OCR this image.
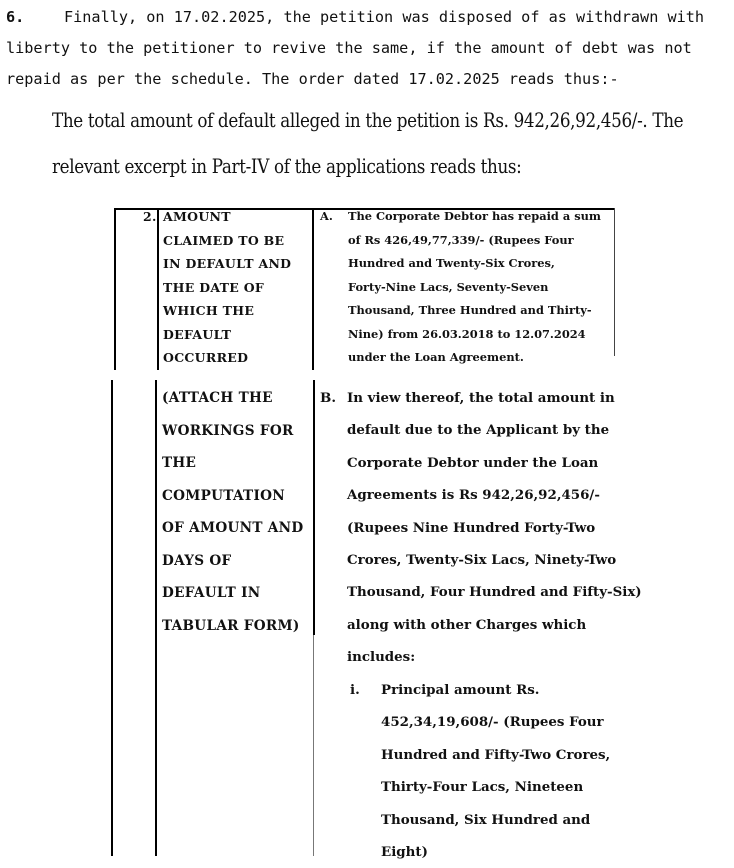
6.	Finally, on 17.02.2025, the petition was disposed of as withdrawn with
liberty to the petitioner to revive the same, if the amount of debt was not
repaid as per the schedule. The order dated 17.02.2025 reads thus:-
The total amount of default alleged in the petition is Rs. 942,26,92,456/-. The
relevant excerpt in Part-IV of the applications reads thus:
2. AMOUNT
CLAIMED TO BE
IN DEFAULT AND
THE DATE OF
WHICH THE
DEFAULT
OCCURRED
A. The Corporate Debtor has repaid a sum
of Rs 426,49,77,339/- (Rupees Four
Hundred and Twenty-Six Crores,
Forty-Nine Lacs, Seventy-Seven
Thousand, Three Hundred and Thirty-
Nine) from 26.03.2018 to 12.07.2024
under the Loan Agreement.
(ATTACH THE
WORKINGS FOR
THE
COMPUTATION
OF AMOUNT AND
DAYS OF
DEFAULT IN
TABULAR FORM)
B. In view thereof, the total amount in
default due to the Applicant by the
Corporate Debtor under the Loan
Agreements is Rs 942,26,92,456/-
(Rupees Nine Hundred Forty-Two
Crores, Twenty-Six Lacs, Ninety-Two
Thousand, Four Hundred and Fifty-Six)
along with other Charges which
includes:
i. Principal amount Rs.
452,34,19,608/- (Rupees Four
Hundred and Fifty-Two Crores,
Thirty-Four Lacs, Nineteen
Thousand, Six Hundred and
Eight)
